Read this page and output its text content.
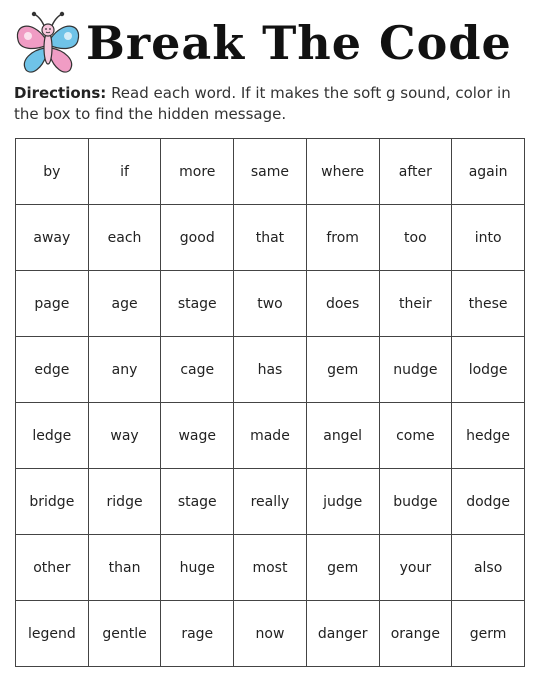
Break The Code
Directions: Read each word. If it makes the soft g sound, color in the box to find the hidden message.
by	if	more	same	where	after	again
away	each	good	that	from	too	into
page	age	stage	two	does	their	these
edge	any	cage	has	gem	nudge	lodge
ledge	way	wage	made	angel	come	hedge
bridge	ridge	stage	really	judge	budge	dodge
other	than	huge	most	gem	your	also
legend	gentle	rage	now	danger	orange	germ
